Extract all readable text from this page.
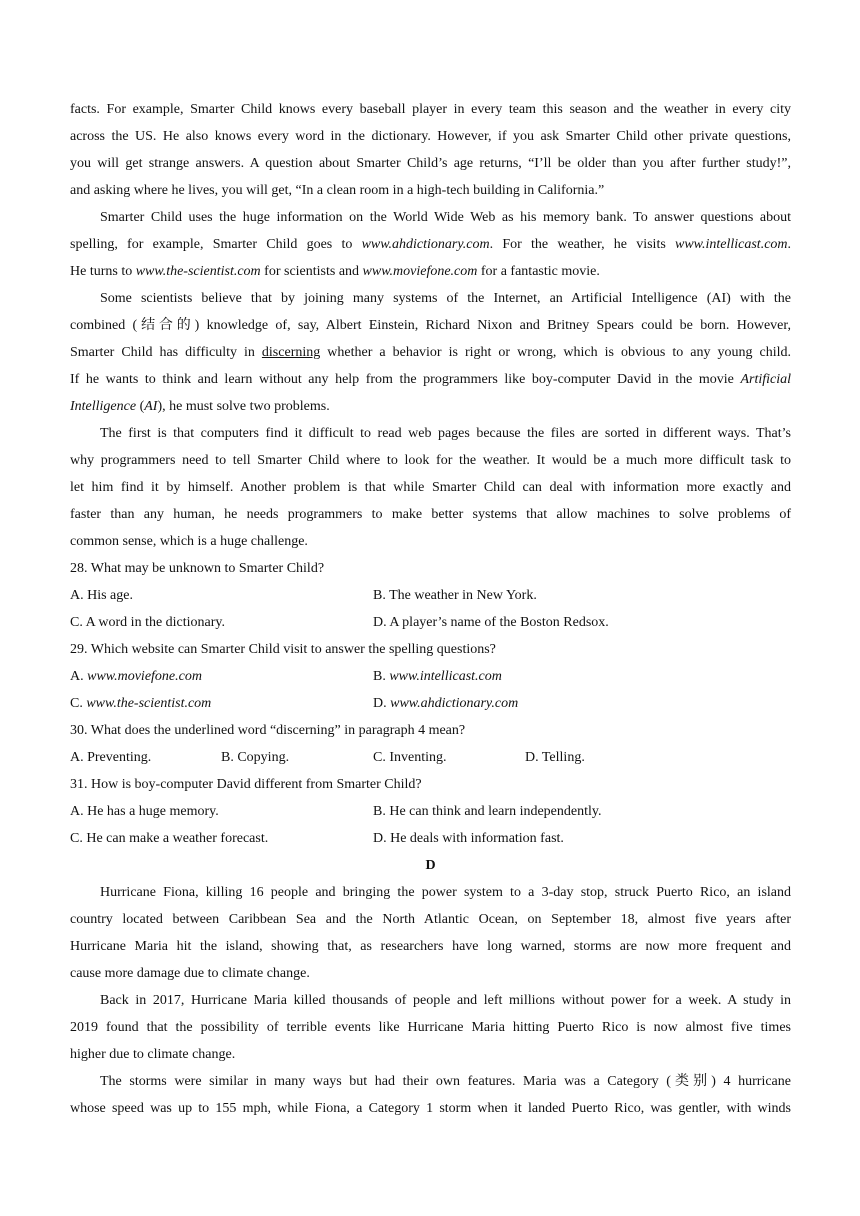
facts. For example, Smarter Child knows every baseball player in every team this season and the weather in every city
across the US. He also knows every word in the dictionary. However, if you ask Smarter Child other private questions,
you will get strange answers. A question about Smarter Child’s age returns, “I’ll be older than you after further study!”,
and asking where he lives, you will get, “In a clean room in a high-tech building in California.”
Smarter Child uses the huge information on the World Wide Web as his memory bank. To answer questions about
spelling, for example, Smarter Child goes to www.ahdictionary.com. For the weather, he visits www.intellicast.com.
He turns to www.the-scientist.com for scientists and www.moviefone.com for a fantastic movie.
Some scientists believe that by joining many systems of the Internet, an Artificial Intelligence (AI) with the
combined (结合的) knowledge of, say, Albert Einstein, Richard Nixon and Britney Spears could be born. However,
Smarter Child has difficulty in discerning whether a behavior is right or wrong, which is obvious to any young child.
If he wants to think and learn without any help from the programmers like boy-computer David in the movie Artificial
Intelligence (AI), he must solve two problems.
The first is that computers find it difficult to read web pages because the files are sorted in different ways. That’s
why programmers need to tell Smarter Child where to look for the weather. It would be a much more difficult task to
let him find it by himself. Another problem is that while Smarter Child can deal with information more exactly and
faster than any human, he needs programmers to make better systems that allow machines to solve problems of
common sense, which is a huge challenge.
28. What may be unknown to Smarter Child?
A. His age.	B. The weather in New York.
C. A word in the dictionary.	D. A player’s name of the Boston Redsox.
29. Which website can Smarter Child visit to answer the spelling questions?
A. www.moviefone.com	B. www.intellicast.com
C. www.the-scientist.com	D. www.ahdictionary.com
30. What does the underlined word “discerning” in paragraph 4 mean?
A. Preventing.	B. Copying.	C. Inventing.	D. Telling.
31. How is boy-computer David different from Smarter Child?
A. He has a huge memory.	B. He can think and learn independently.
C. He can make a weather forecast.	D. He deals with information fast.
D
Hurricane Fiona, killing 16 people and bringing the power system to a 3-day stop, struck Puerto Rico, an island
country located between Caribbean Sea and the North Atlantic Ocean, on September 18, almost five years after
Hurricane Maria hit the island, showing that, as researchers have long warned, storms are now more frequent and
cause more damage due to climate change.
Back in 2017, Hurricane Maria killed thousands of people and left millions without power for a week. A study in
2019 found that the possibility of terrible events like Hurricane Maria hitting Puerto Rico is now almost five times
higher due to climate change.
The storms were similar in many ways but had their own features. Maria was a Category (类别) 4 hurricane
whose speed was up to 155 mph, while Fiona, a Category 1 storm when it landed Puerto Rico, was gentler, with winds
